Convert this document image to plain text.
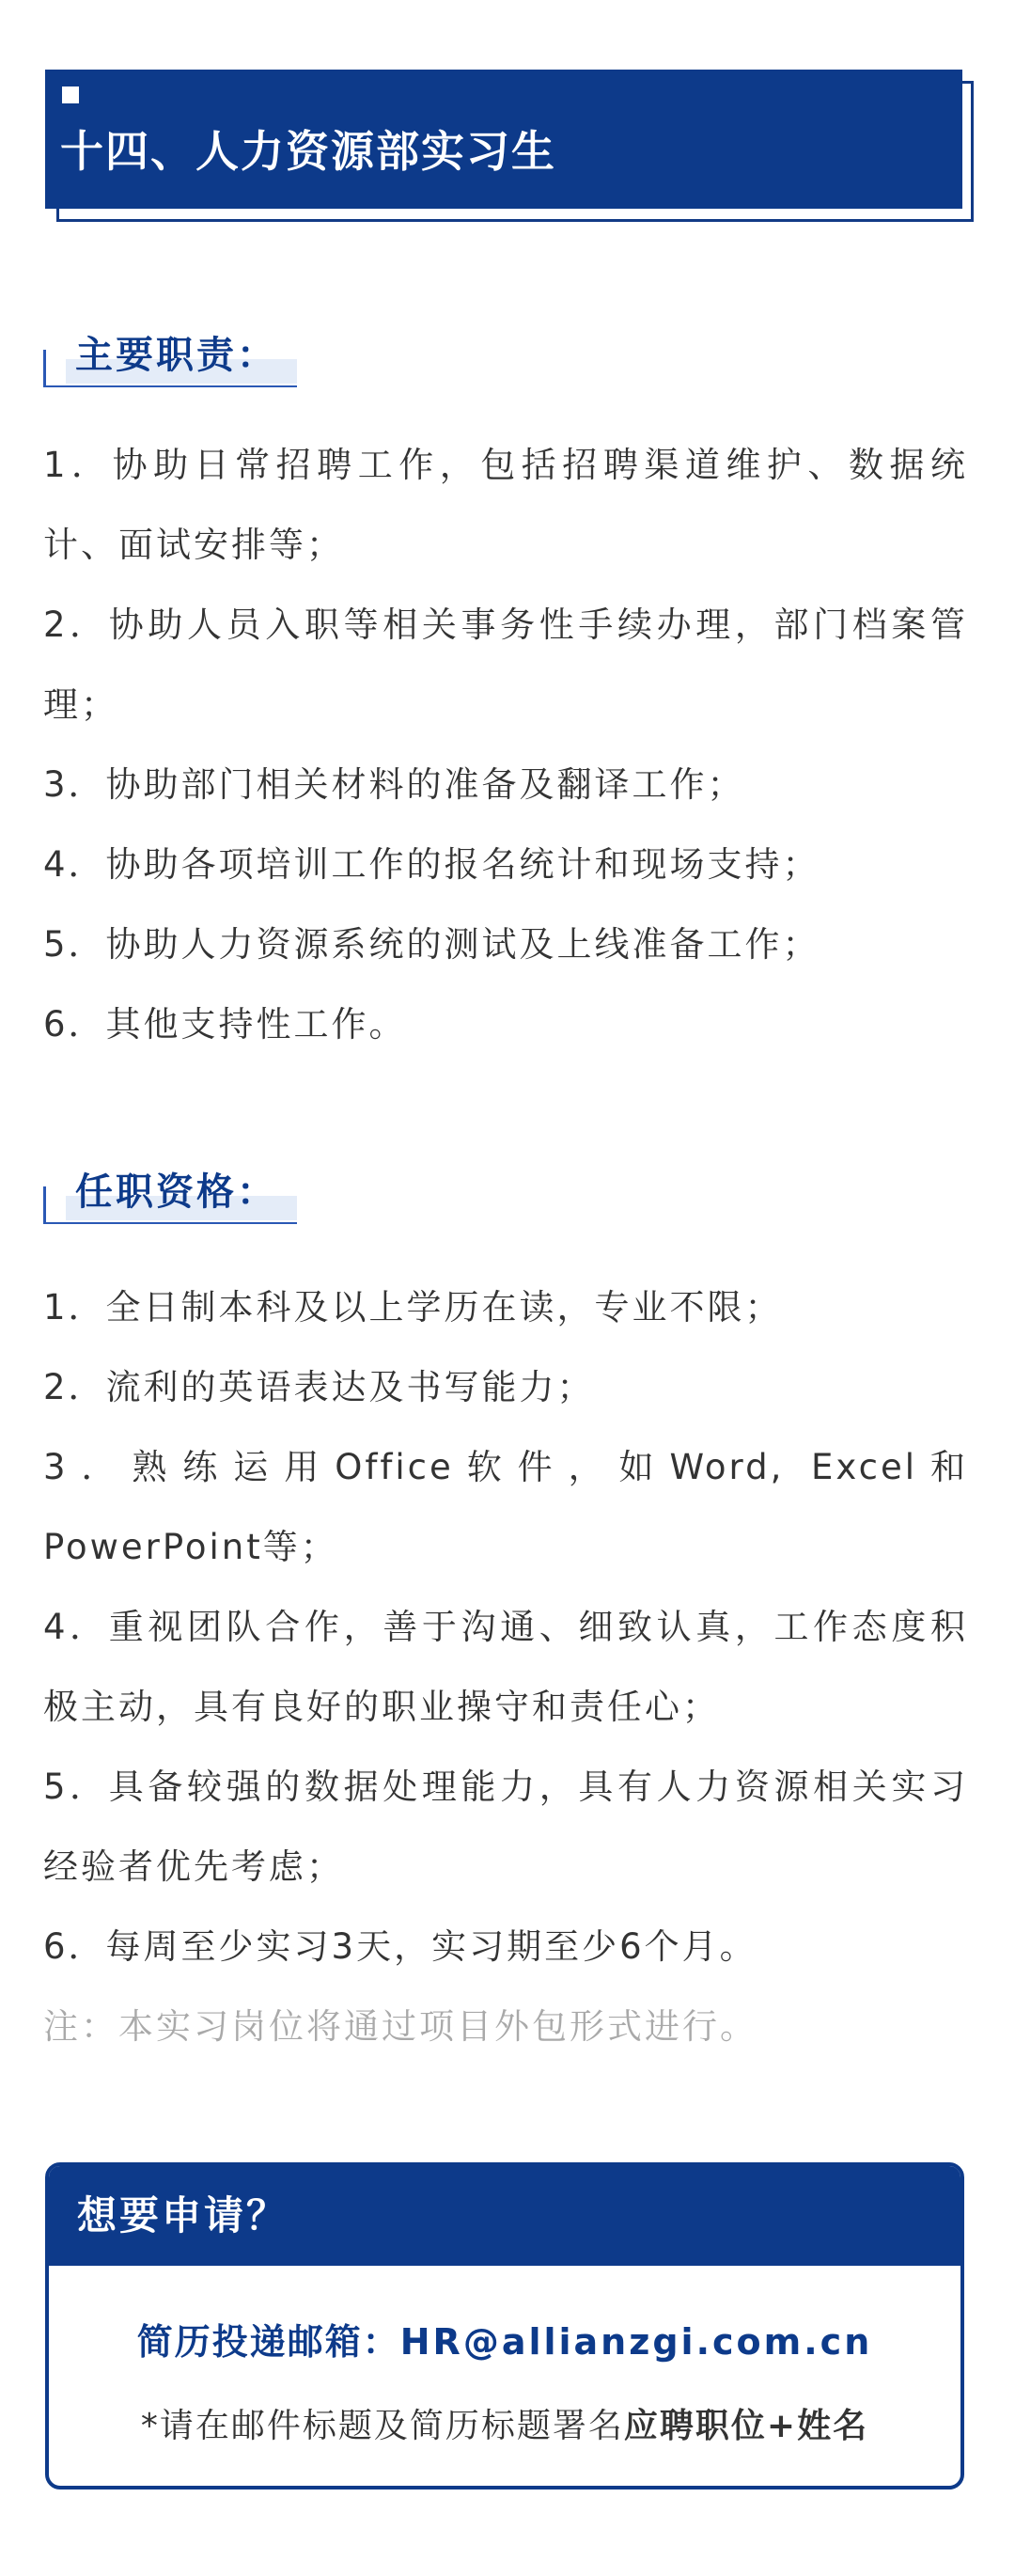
十四、人力资源部实习生
主要职责：
1．协助日常招聘工作，包括招聘渠道维护、数据统计、面试安排等；
2．协助人员入职等相关事务性手续办理，部门档案管理；
3．协助部门相关材料的准备及翻译工作；
4．协助各项培训工作的报名统计和现场支持；
5．协助人力资源系统的测试及上线准备工作；
6．其他支持性工作。
任职资格：
1．全日制本科及以上学历在读，专业不限；
2．流利的英语表达及书写能力；
3．熟练运用Office软件，如Word, Excel和PowerPoint等；
4．重视团队合作，善于沟通、细致认真，工作态度积极主动，具有良好的职业操守和责任心；
5．具备较强的数据处理能力，具有人力资源相关实习经验者优先考虑；
6．每周至少实习3天，实习期至少6个月。
注：本实习岗位将通过项目外包形式进行。
想要申请？
简历投递邮箱：HR@allianzgi.com.cn
*请在邮件标题及简历标题署名应聘职位+姓名
